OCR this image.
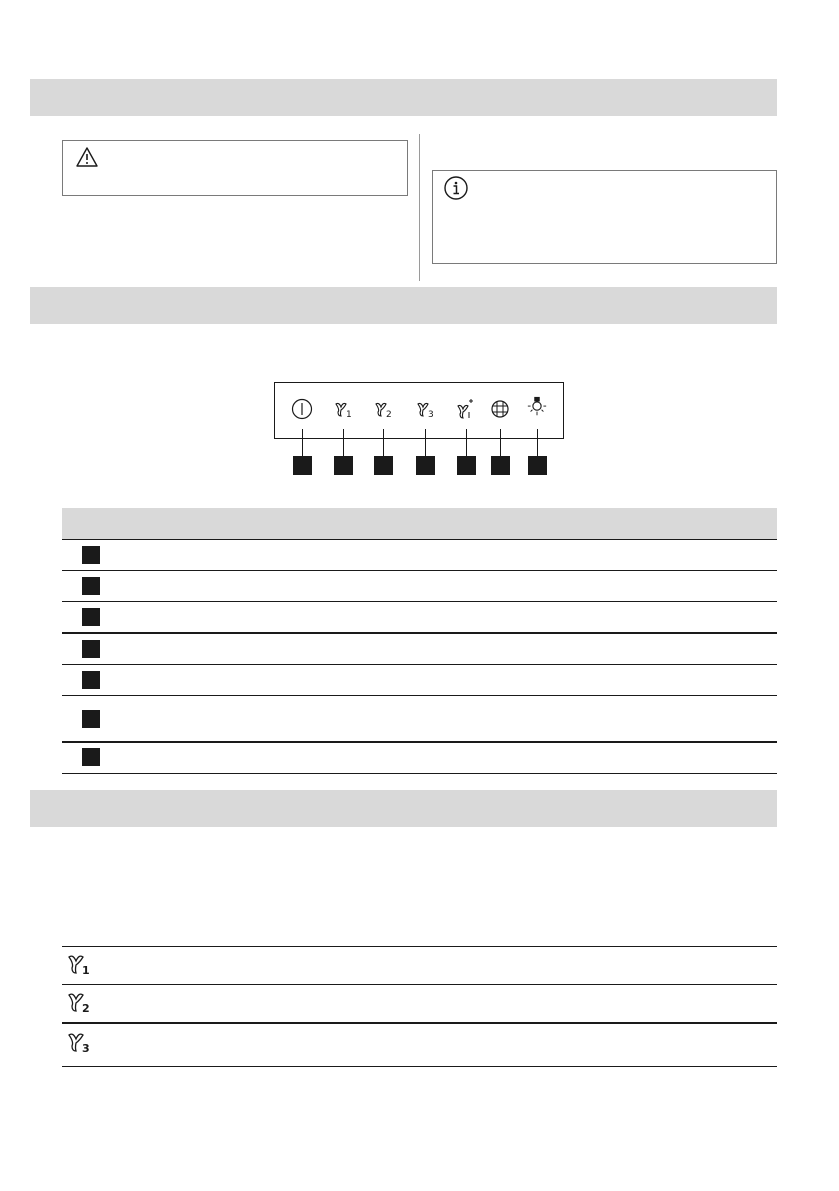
1	2	3
1
2
3
